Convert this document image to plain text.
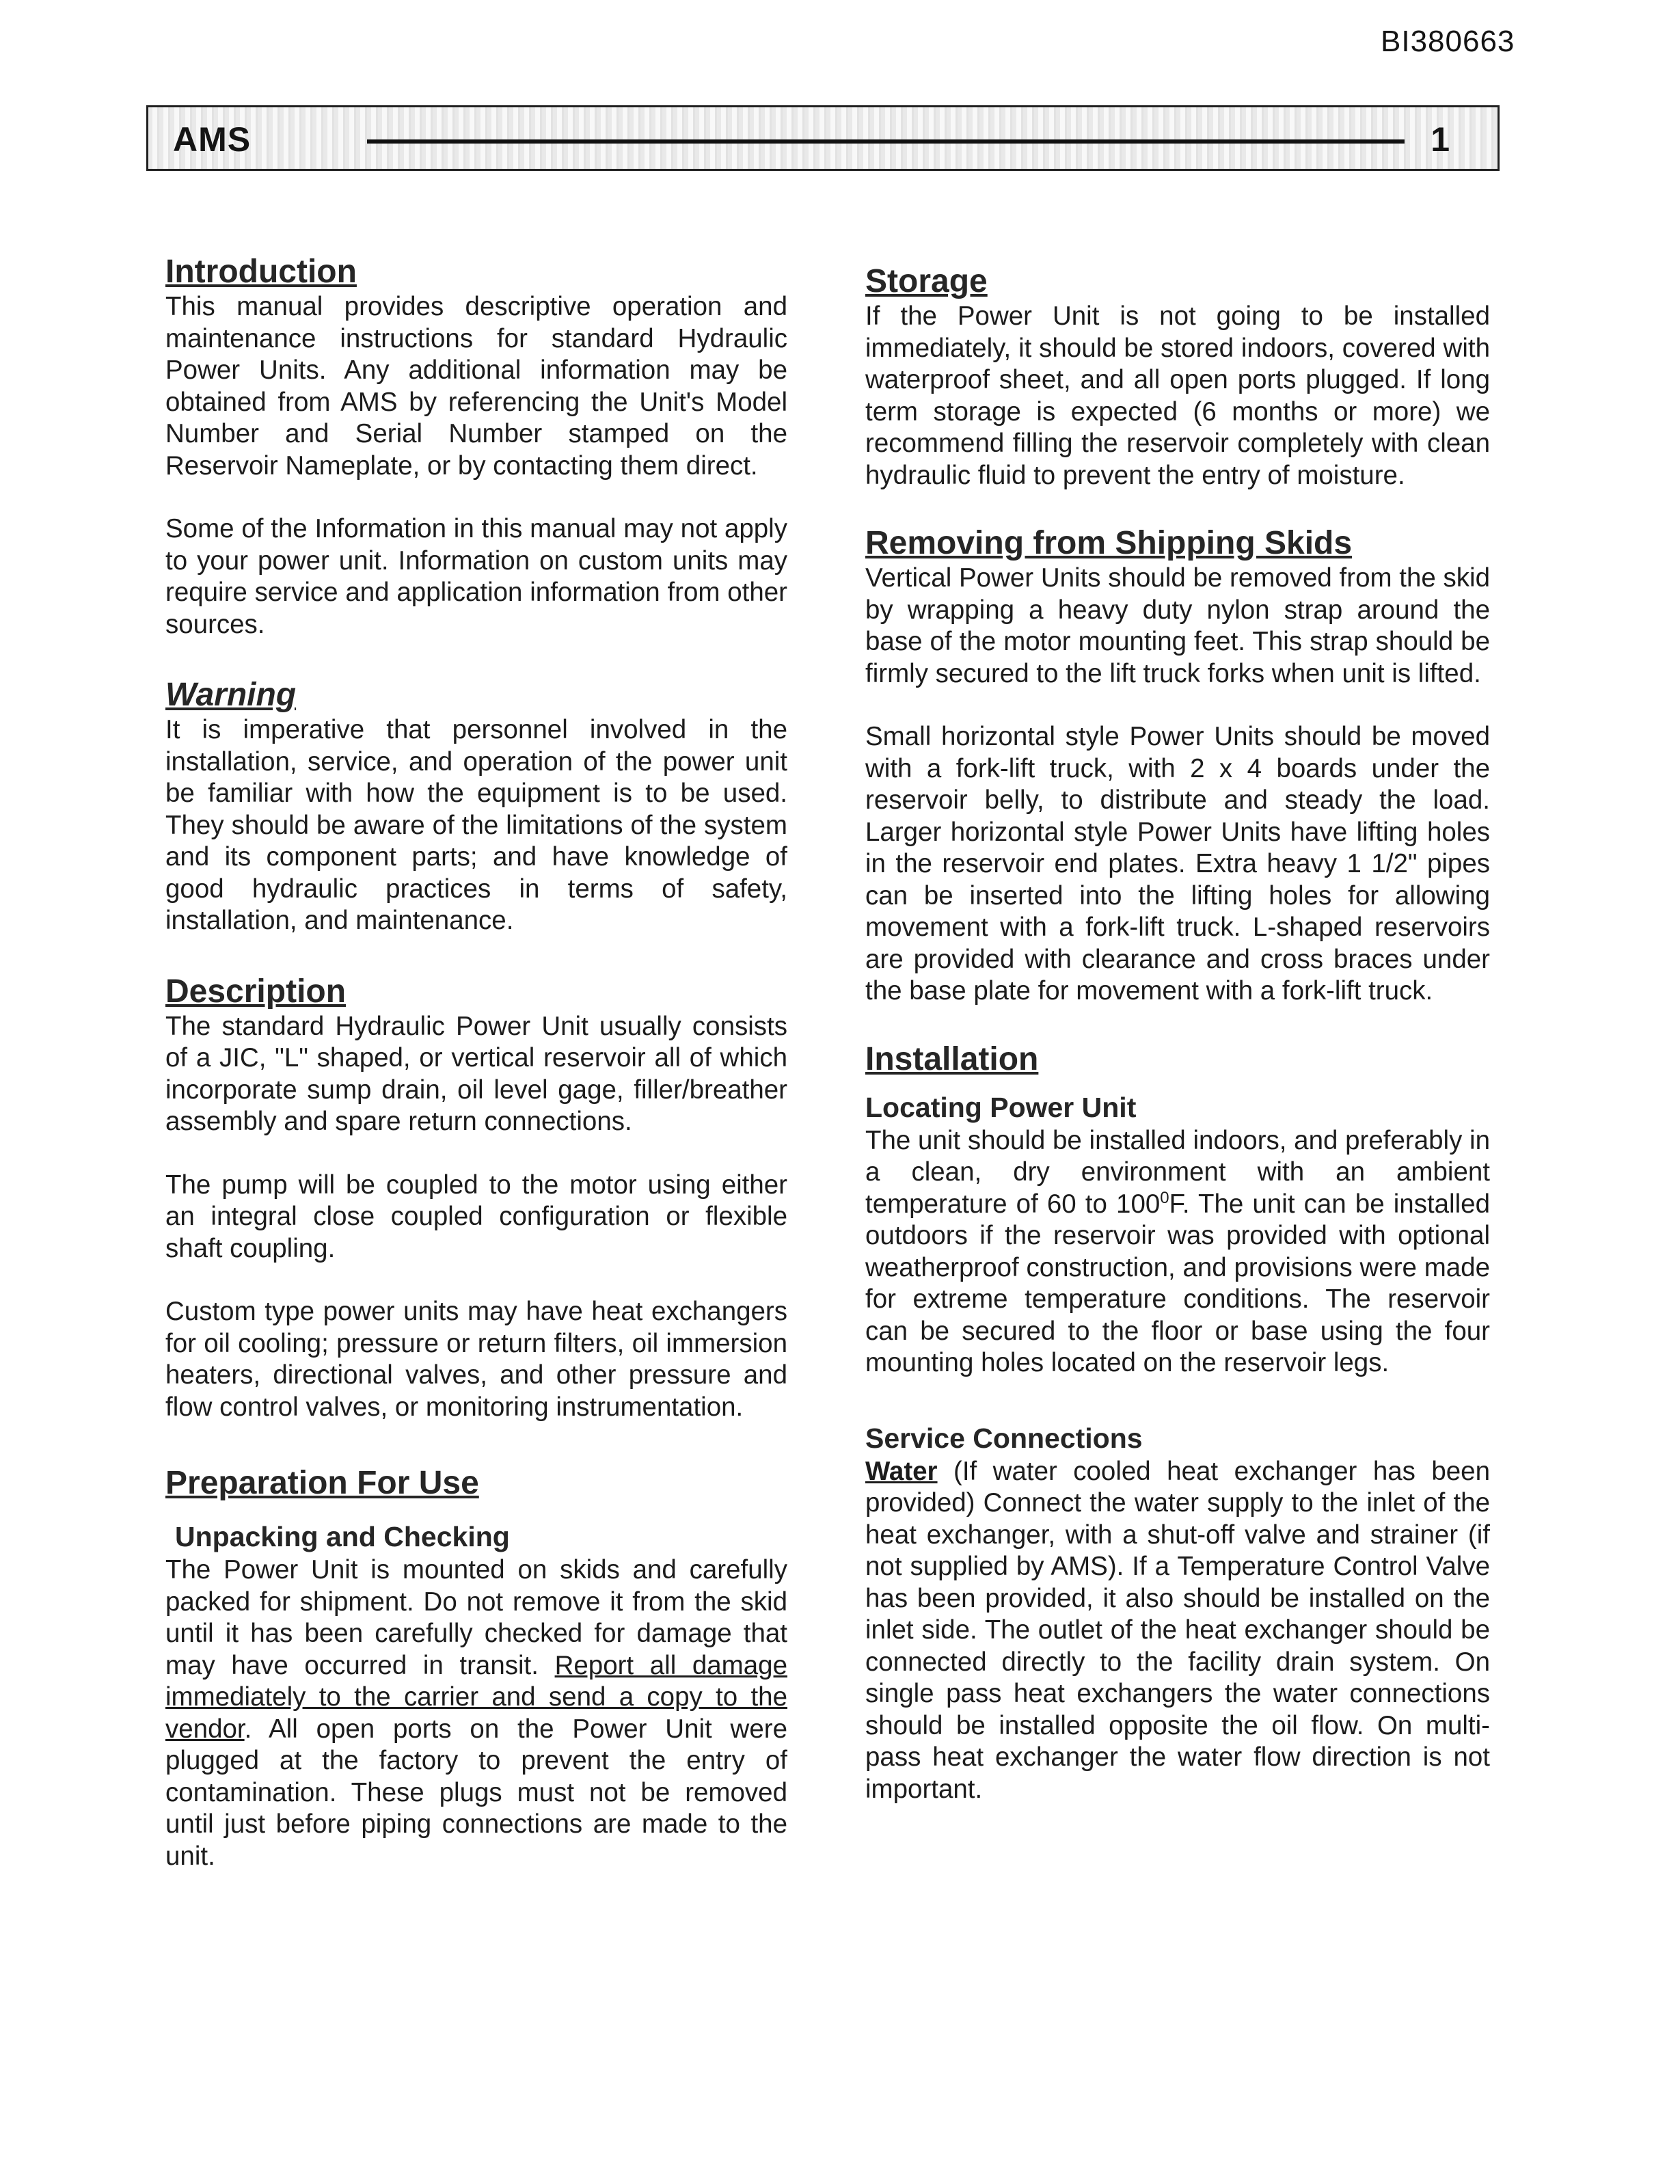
BI380663
AMS	1
Introduction

This manual provides descriptive operation and maintenance instructions for standard Hydraulic Power Units. Any additional information may be obtained from AMS by referencing the Unit's Model Number and Serial Number stamped on the Reservoir Nameplate, or by contacting them direct.

Some of the Information in this manual may not apply to your power unit. Information on custom units may require service and application information from other sources.

Warning

It is imperative that personnel involved in the installation, service, and operation of the power unit be familiar with how the equipment is to be used. They should be aware of the limitations of the system and its component parts; and have knowledge of good hydraulic practices in terms of safety, installation, and maintenance.

Description

The standard Hydraulic Power Unit usually consists of a JIC, "L" shaped, or vertical reservoir all of which incorporate sump drain, oil level gage, filler/breather assembly and spare return connections.

The pump will be coupled to the motor using either an integral close coupled configuration or flexible shaft coupling.

Custom type power units may have heat exchangers for oil cooling; pressure or return filters, oil immersion heaters, directional valves, and other pressure and flow control valves, or monitoring instrumentation.

Preparation For Use
Unpacking and Checking

The Power Unit is mounted on skids and carefully packed for shipment. Do not remove it from the skid until it has been carefully checked for damage that may have occurred in transit. Report all damage immediately to the carrier and send a copy to the vendor. All open ports on the Power Unit were plugged at the factory to prevent the entry of contamination. These plugs must not be removed until just before piping connections are made to the unit.

Storage

If the Power Unit is not going to be installed immediately, it should be stored indoors, covered with waterproof sheet, and all open ports plugged. If long term storage is expected (6 months or more) we recommend filling the reservoir completely with clean hydraulic fluid to prevent the entry of moisture.

Removing from Shipping Skids

Vertical Power Units should be removed from the skid by wrapping a heavy duty nylon strap around the base of the motor mounting feet. This strap should be firmly secured to the lift truck forks when unit is lifted.

Small horizontal style Power Units should be moved with a fork-lift truck, with 2 x 4 boards under the reservoir belly, to distribute and steady the load. Larger horizontal style Power Units have lifting holes in the reservoir end plates. Extra heavy 1 1/2" pipes can be inserted into the lifting holes for allowing movement with a fork-lift truck. L-shaped reservoirs are provided with clearance and cross braces under the base plate for movement with a fork-lift truck.

Installation
Locating Power Unit

The unit should be installed indoors, and preferably in a clean, dry environment with an ambient temperature of 60 to $100^0F$. The unit can be installed outdoors if the reservoir was provided with optional weatherproof construction, and provisions were made for extreme temperature conditions. The reservoir can be secured to the floor or base using the four mounting holes located on the reservoir legs.

Service Connections

Water (If water cooled heat exchanger has been provided) Connect the water supply to the inlet of the heat exchanger, with a shut-off valve and strainer (if not supplied by AMS). If a Temperature Control Valve has been provided, it also should be installed on the inlet side. The outlet of the heat exchanger should be connected directly to the facility drain system. On single pass heat exchangers the water connections should be installed opposite the oil flow. On multi-pass heat exchanger the water flow direction is not important.
